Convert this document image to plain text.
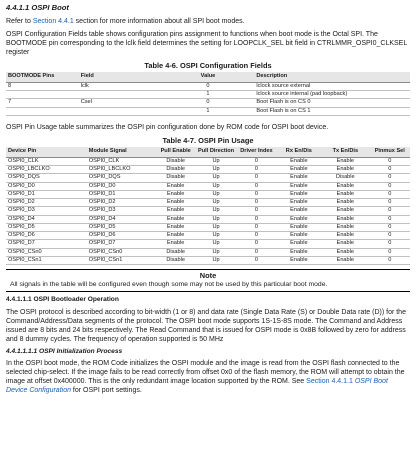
4.4.1.1 OSPI Boot
Refer to Section 4.4.1 section for more information about all SPI boot modes.
OSPI Configuration Fields table shows configuration pins assignment to functions when boot mode is the Octal SPI. The BOOTMODE pin corresponding to the lclk field determines the setting for LOOPCLK_SEL bit field in CTRLMMR_OSPI0_CLKSEL register
Table 4-6. OSPI Configuration Fields
BOOTMODE Pins	Field	Value	Description
8	lclk	0	lclock source external
		1	lclock source internal (pad loopback)
7	Csel	0	Boot Flash is on CS 0
		1	Boot Flash is on CS 1
OSPI Pin Usage table summarizes the OSPI pin configuration done by ROM code for OSPI boot device.
Table 4-7. OSPI Pin Usage
Device Pin	Module Signal	Pull Enable	Pull Direction	Driver Index	Rx En/Dis	Tx En/Dis	Pinmux Sel
OSPI0_CLK	OSPI0_CLK	Disable	Up	0	Enable	Enable	0
OSPI0_LBCLKO	OSPI0_LBCLKO	Disable	Up	0	Enable	Enable	0
OSPI0_DQS	OSPI0_DQS	Disable	Up	0	Enable	Disable	0
OSPI0_D0	OSPI0_D0	Enable	Up	0	Enable	Enable	0
OSPI0_D1	OSPI0_D1	Enable	Up	0	Enable	Enable	0
OSPI0_D2	OSPI0_D2	Enable	Up	0	Enable	Enable	0
OSPI0_D3	OSPI0_D3	Enable	Up	0	Enable	Enable	0
OSPI0_D4	OSPI0_D4	Enable	Up	0	Enable	Enable	0
OSPI0_D5	OSPI0_D5	Enable	Up	0	Enable	Enable	0
OSPI0_D6	OSPI0_D6	Enable	Up	0	Enable	Enable	0
OSPI0_D7	OSPI0_D7	Enable	Up	0	Enable	Enable	0
OSPI0_CSn0	OSPI0_CSn0	Disable	Up	0	Enable	Enable	0
OSPI0_CSn1	OSPI0_CSn1	Disable	Up	0	Enable	Enable	0
Note
All signals in the table will be configured even though some may not be used by this particular boot mode.
4.4.1.1.1 OSPI Bootloader Operation
The OSPI protocol is described according to bit-width (1 or 8) and data rate (Single Data Rate (S) or Double Data rate (D)) for the Command/Address/Data segments of the protocol. The OSPI boot mode supports 1S-1S-8S mode. The Command and Address issued are 8 bits and 24 bits respectively. The Read Command that is issued for OSPI mode is 0x8B followed by zero for address and 8 dummy cycles. The frequency of operation supported is 50 MHz
4.4.1.1.1.1 OSPI Initialization Process
In the OSPI boot mode, the ROM Code initializes the OSPI module and the image is read from the OSPI flash connected to the selected chip-select. If the image fails to be read correctly from offset 0x0 of the flash memory, the ROM will attempt to obtain the image at offset 0x400000. This is the only redundant image location supported by the ROM. See Section 4.4.1.1 OSPI Boot Device Configuration for OSPI port settings.
